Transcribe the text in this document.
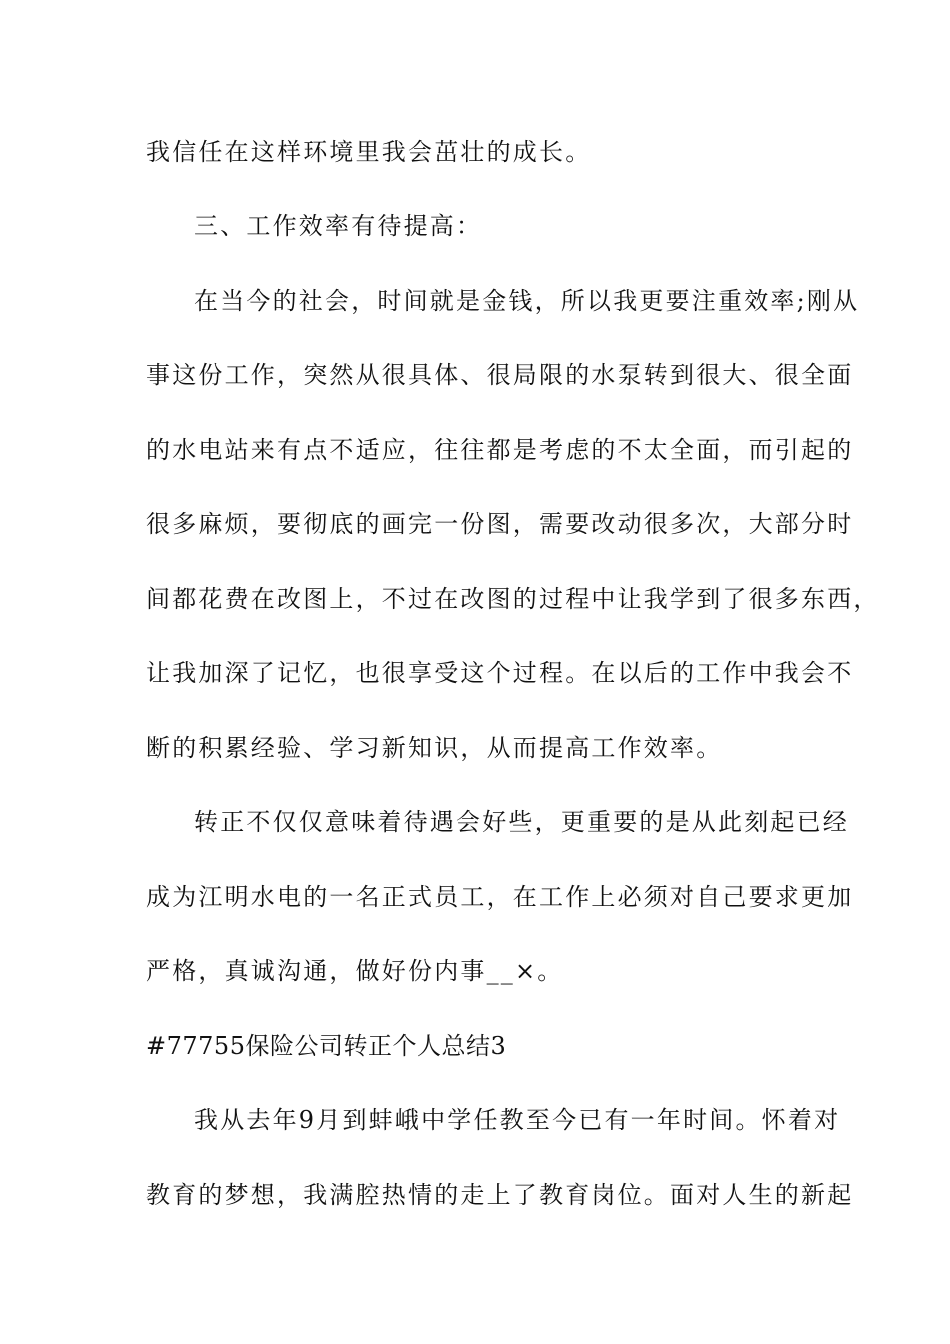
我信任在这样环境里我会茁壮的成长。
三、工作效率有待提高：
在当今的社会，时间就是金钱，所以我更要注重效率;刚从
事这份工作，突然从很具体、很局限的水泵转到很大、很全面
的水电站来有点不适应，往往都是考虑的不太全面，而引起的
很多麻烦，要彻底的画完一份图，需要改动很多次，大部分时
间都花费在改图上，不过在改图的过程中让我学到了很多东西，
让我加深了记忆，也很享受这个过程。在以后的工作中我会不
断的积累经验、学习新知识，从而提高工作效率。
转正不仅仅意味着待遇会好些，更重要的是从此刻起已经
成为江明水电的一名正式员工，在工作上必须对自己要求更加
严格，真诚沟通，做好份内事__×。
#77755保险公司转正个人总结3
我从去年9月到蚌峨中学任教至今已有一年时间。怀着对
教育的梦想，我满腔热情的走上了教育岗位。面对人生的新起
